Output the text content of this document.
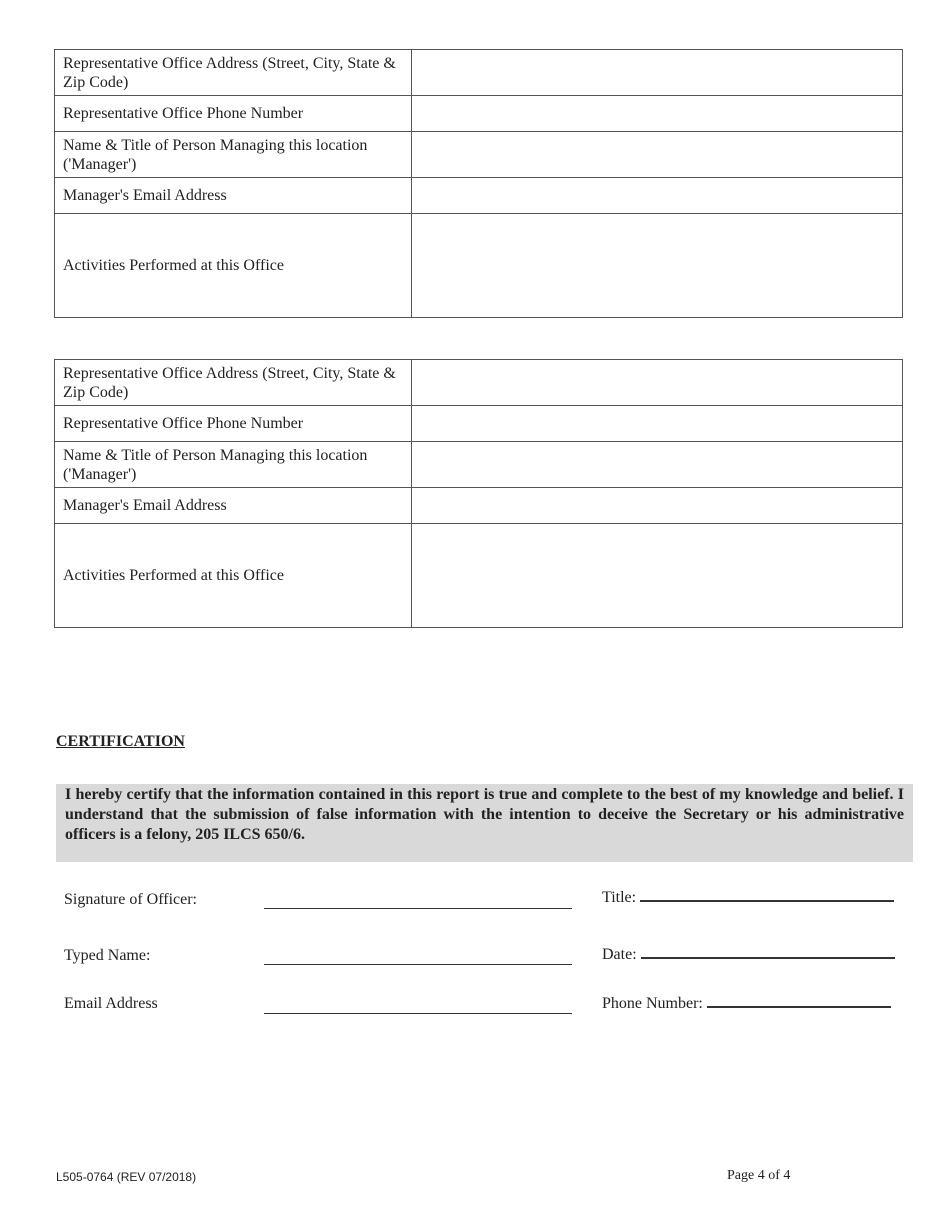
Representative Office Address (Street, City, State & Zip Code)	
Representative Office Phone Number	
Name & Title of Person Managing this location ('Manager')	
Manager's Email Address	
Activities Performed at this Office	
Representative Office Address (Street, City, State & Zip Code)	
Representative Office Phone Number	
Name & Title of Person Managing this location ('Manager')	
Manager's Email Address	
Activities Performed at this Office	
CERTIFICATION
I hereby certify that the information contained in this report is true and complete to the best of my knowledge and belief. I understand that the submission of false information with the intention to deceive the Secretary or his administrative officers is a felony, 205 ILCS 650/6.
Signature of Officer:
Typed Name:
Email Address
Title:
Date:
Phone Number:
L505-0764 (REV 07/2018)	Page 4 of 4
